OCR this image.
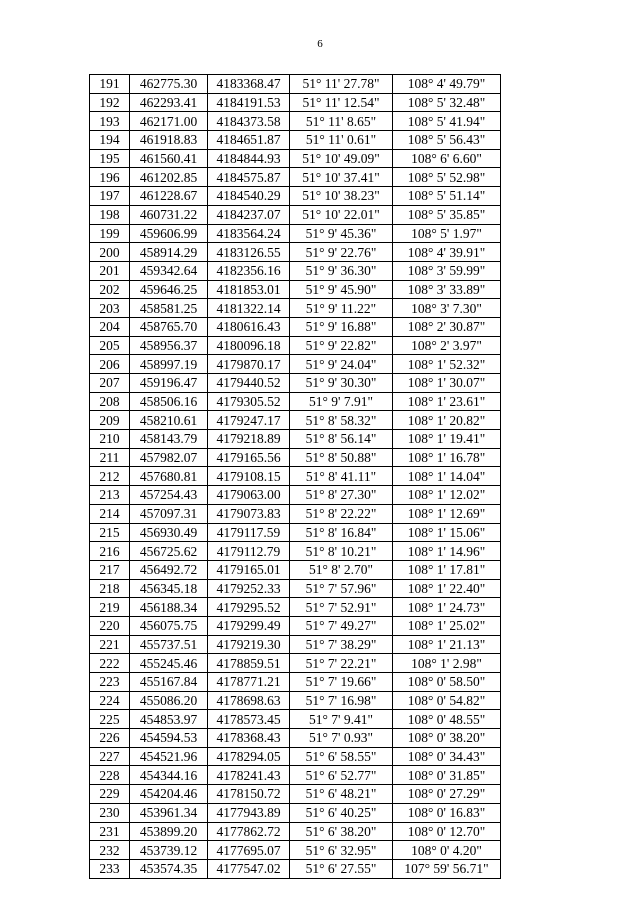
6
191	462775.30	4183368.47	51° 11' 27.78"	108° 4' 49.79"
192	462293.41	4184191.53	51° 11' 12.54"	108° 5' 32.48"
193	462171.00	4184373.58	51° 11' 8.65"	108° 5' 41.94"
194	461918.83	4184651.87	51° 11' 0.61"	108° 5' 56.43"
195	461560.41	4184844.93	51° 10' 49.09"	108° 6' 6.60"
196	461202.85	4184575.87	51° 10' 37.41"	108° 5' 52.98"
197	461228.67	4184540.29	51° 10' 38.23"	108° 5' 51.14"
198	460731.22	4184237.07	51° 10' 22.01"	108° 5' 35.85"
199	459606.99	4183564.24	51° 9' 45.36"	108° 5' 1.97"
200	458914.29	4183126.55	51° 9' 22.76"	108° 4' 39.91"
201	459342.64	4182356.16	51° 9' 36.30"	108° 3' 59.99"
202	459646.25	4181853.01	51° 9' 45.90"	108° 3' 33.89"
203	458581.25	4181322.14	51° 9' 11.22"	108° 3' 7.30"
204	458765.70	4180616.43	51° 9' 16.88"	108° 2' 30.87"
205	458956.37	4180096.18	51° 9' 22.82"	108° 2' 3.97"
206	458997.19	4179870.17	51° 9' 24.04"	108° 1' 52.32"
207	459196.47	4179440.52	51° 9' 30.30"	108° 1' 30.07"
208	458506.16	4179305.52	51° 9' 7.91"	108° 1' 23.61"
209	458210.61	4179247.17	51° 8' 58.32"	108° 1' 20.82"
210	458143.79	4179218.89	51° 8' 56.14"	108° 1' 19.41"
211	457982.07	4179165.56	51° 8' 50.88"	108° 1' 16.78"
212	457680.81	4179108.15	51° 8' 41.11"	108° 1' 14.04"
213	457254.43	4179063.00	51° 8' 27.30"	108° 1' 12.02"
214	457097.31	4179073.83	51° 8' 22.22"	108° 1' 12.69"
215	456930.49	4179117.59	51° 8' 16.84"	108° 1' 15.06"
216	456725.62	4179112.79	51° 8' 10.21"	108° 1' 14.96"
217	456492.72	4179165.01	51° 8' 2.70"	108° 1' 17.81"
218	456345.18	4179252.33	51° 7' 57.96"	108° 1' 22.40"
219	456188.34	4179295.52	51° 7' 52.91"	108° 1' 24.73"
220	456075.75	4179299.49	51° 7' 49.27"	108° 1' 25.02"
221	455737.51	4179219.30	51° 7' 38.29"	108° 1' 21.13"
222	455245.46	4178859.51	51° 7' 22.21"	108° 1' 2.98"
223	455167.84	4178771.21	51° 7' 19.66"	108° 0' 58.50"
224	455086.20	4178698.63	51° 7' 16.98"	108° 0' 54.82"
225	454853.97	4178573.45	51° 7' 9.41"	108° 0' 48.55"
226	454594.53	4178368.43	51° 7' 0.93"	108° 0' 38.20"
227	454521.96	4178294.05	51° 6' 58.55"	108° 0' 34.43"
228	454344.16	4178241.43	51° 6' 52.77"	108° 0' 31.85"
229	454204.46	4178150.72	51° 6' 48.21"	108° 0' 27.29"
230	453961.34	4177943.89	51° 6' 40.25"	108° 0' 16.83"
231	453899.20	4177862.72	51° 6' 38.20"	108° 0' 12.70"
232	453739.12	4177695.07	51° 6' 32.95"	108° 0' 4.20"
233	453574.35	4177547.02	51° 6' 27.55"	107° 59' 56.71"
